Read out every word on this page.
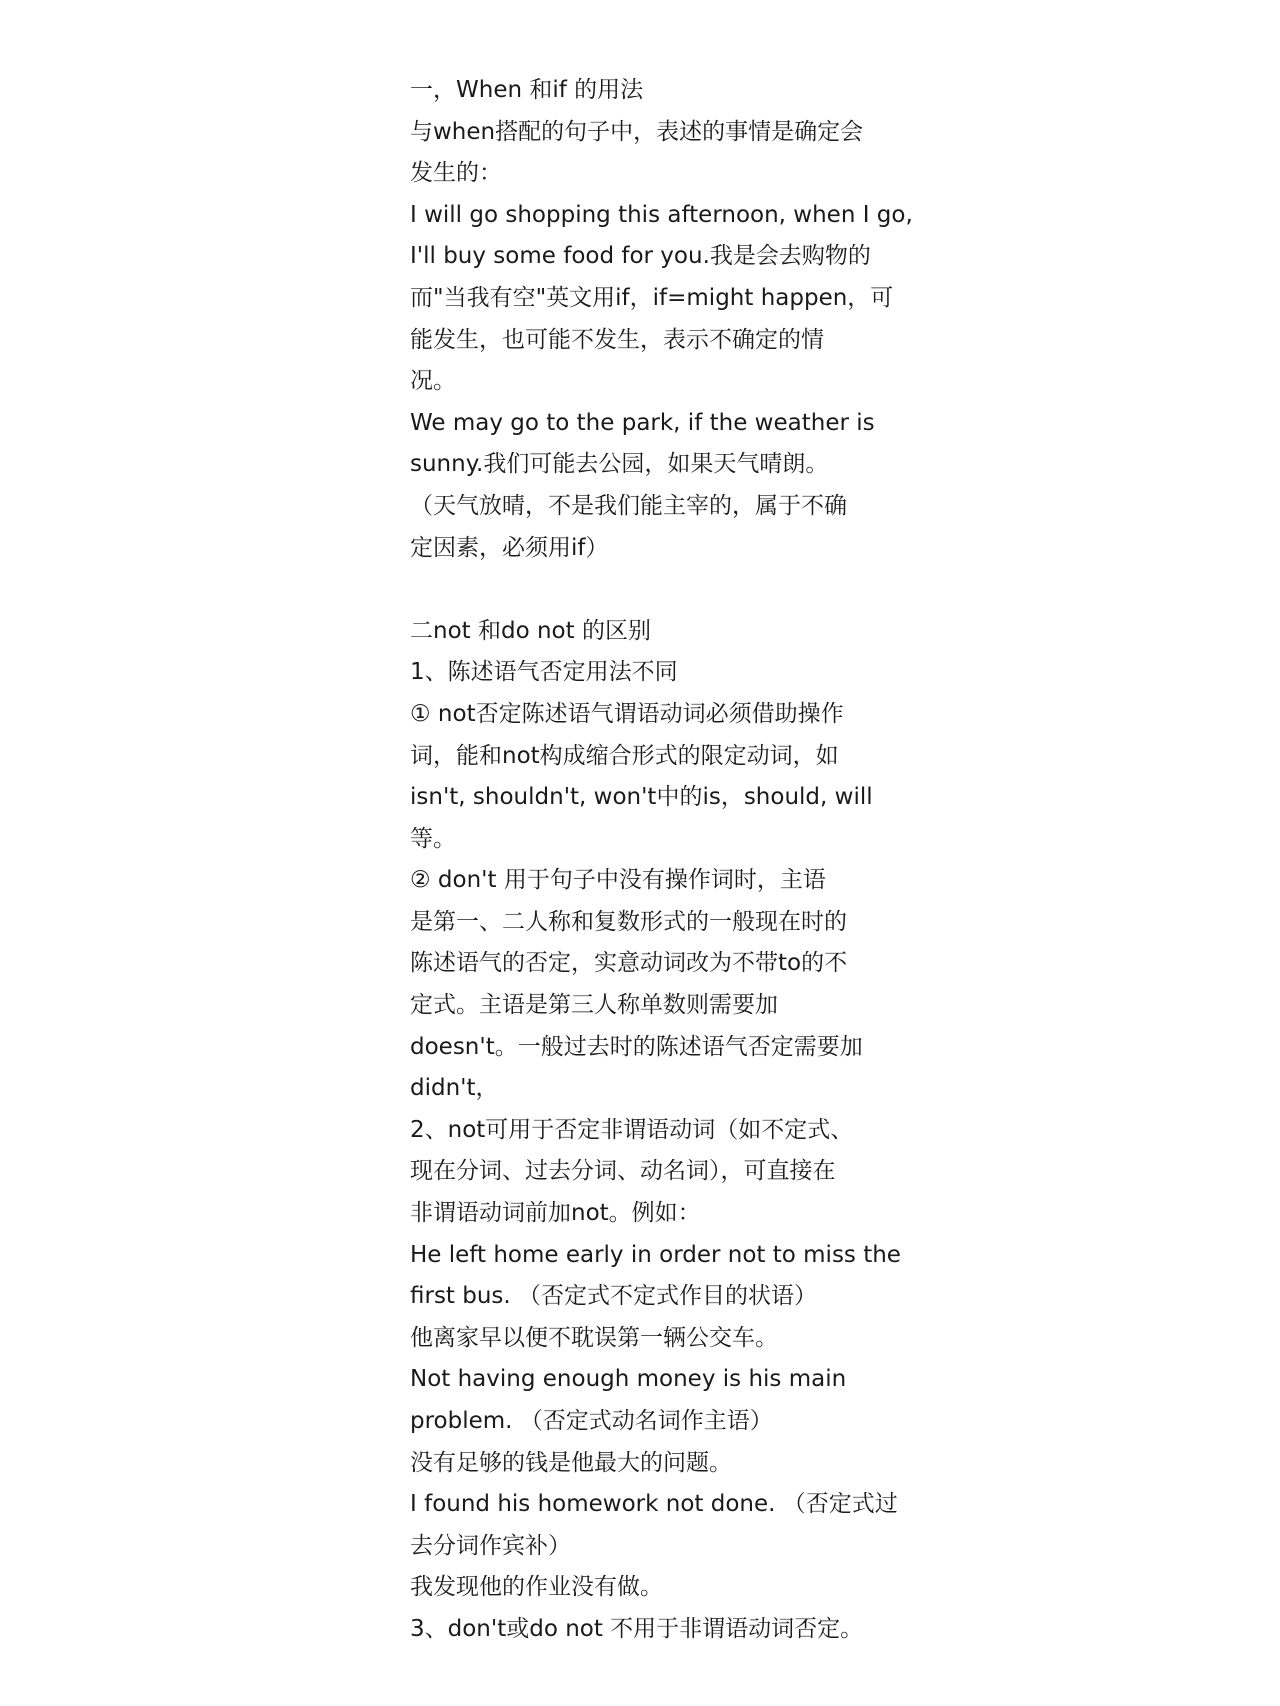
一，When 和if 的用法
与when搭配的句子中，表述的事情是确定会
发生的：
I will go shopping this afternoon, when I go,
I'll buy some food for you.我是会去购物的
而"当我有空"英文用if，if=might happen，可
能发生，也可能不发生，表示不确定的情
况。
We may go to the park, if the weather is
sunny.我们可能去公园，如果天气晴朗。
（天气放晴，不是我们能主宰的，属于不确
定因素，必须用if）
二not 和do not 的区别
1、陈述语气否定用法不同
① not否定陈述语气谓语动词必须借助操作
词，能和not构成缩合形式的限定动词，如
isn't, shouldn't, won't中的is，should, will
等。
② don't 用于句子中没有操作词时，主语
是第一、二人称和复数形式的一般现在时的
陈述语气的否定，实意动词改为不带to的不
定式。主语是第三人称单数则需要加
doesn't。一般过去时的陈述语气否定需要加
didn't，
2、not可用于否定非谓语动词（如不定式、
现在分词、过去分词、动名词），可直接在
非谓语动词前加not。例如：
He left home early in order not to miss the
first bus. （否定式不定式作目的状语）
他离家早以便不耽误第一辆公交车。
Not having enough money is his main
problem. （否定式动名词作主语）
没有足够的钱是他最大的问题。
I found his homework not done. （否定式过
去分词作宾补）
我发现他的作业没有做。
3、don't或do not 不用于非谓语动词否定。
